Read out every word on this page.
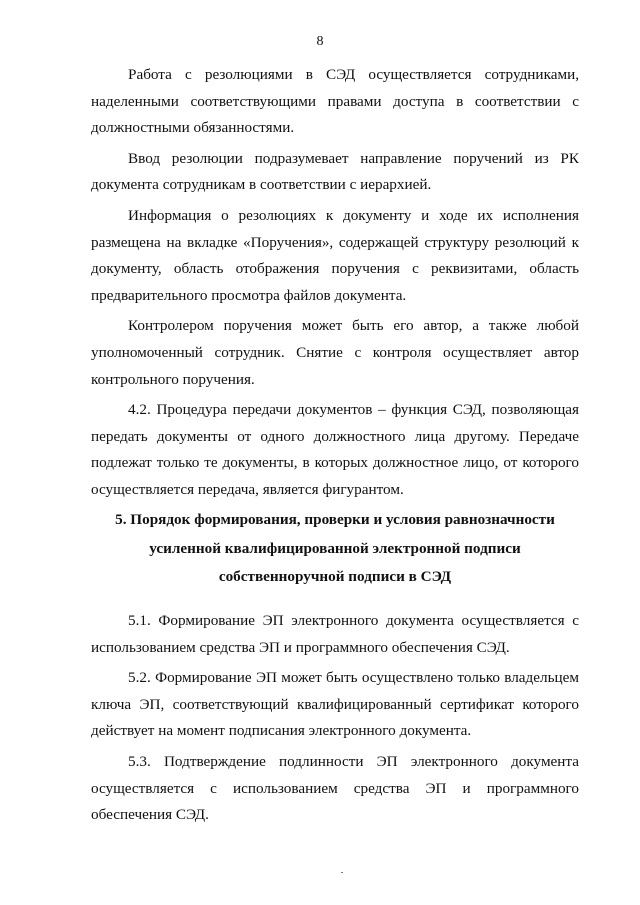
8

Работа с резолюциями в СЭД осуществляется сотрудниками, наделенными соответствующими правами доступа в соответствии с должностными обязанностями.

Ввод резолюции подразумевает направление поручений из РК документа сотрудникам в соответствии с иерархией.

Информация о резолюциях к документу и ходе их исполнения размещена на вкладке «Поручения», содержащей структуру резолюций к документу, область отображения поручения с реквизитами, область предварительного просмотра файлов документа.

Контролером поручения может быть его автор, а также любой уполномоченный сотрудник. Снятие с контроля осуществляет автор контрольного поручения.

4.2. Процедура передачи документов – функция СЭД, позволяющая передать документы от одного должностного лица другому. Передаче подлежат только те документы, в которых должностное лицо, от которого осуществляется передача, является фигурантом.

5. Порядок формирования, проверки и условия равнозначности
усиленной квалифицированной электронной подписи
собственноручной подписи в СЭД

5.1. Формирование ЭП электронного документа осуществляется с использованием средства ЭП и программного обеспечения СЭД.

5.2. Формирование ЭП может быть осуществлено только владельцем ключа ЭП, соответствующий квалифицированный сертификат которого действует на момент подписания электронного документа.

5.3. Подтверждение подлинности ЭП электронного документа осуществляется с использованием средства ЭП и программного обеспечения СЭД.
